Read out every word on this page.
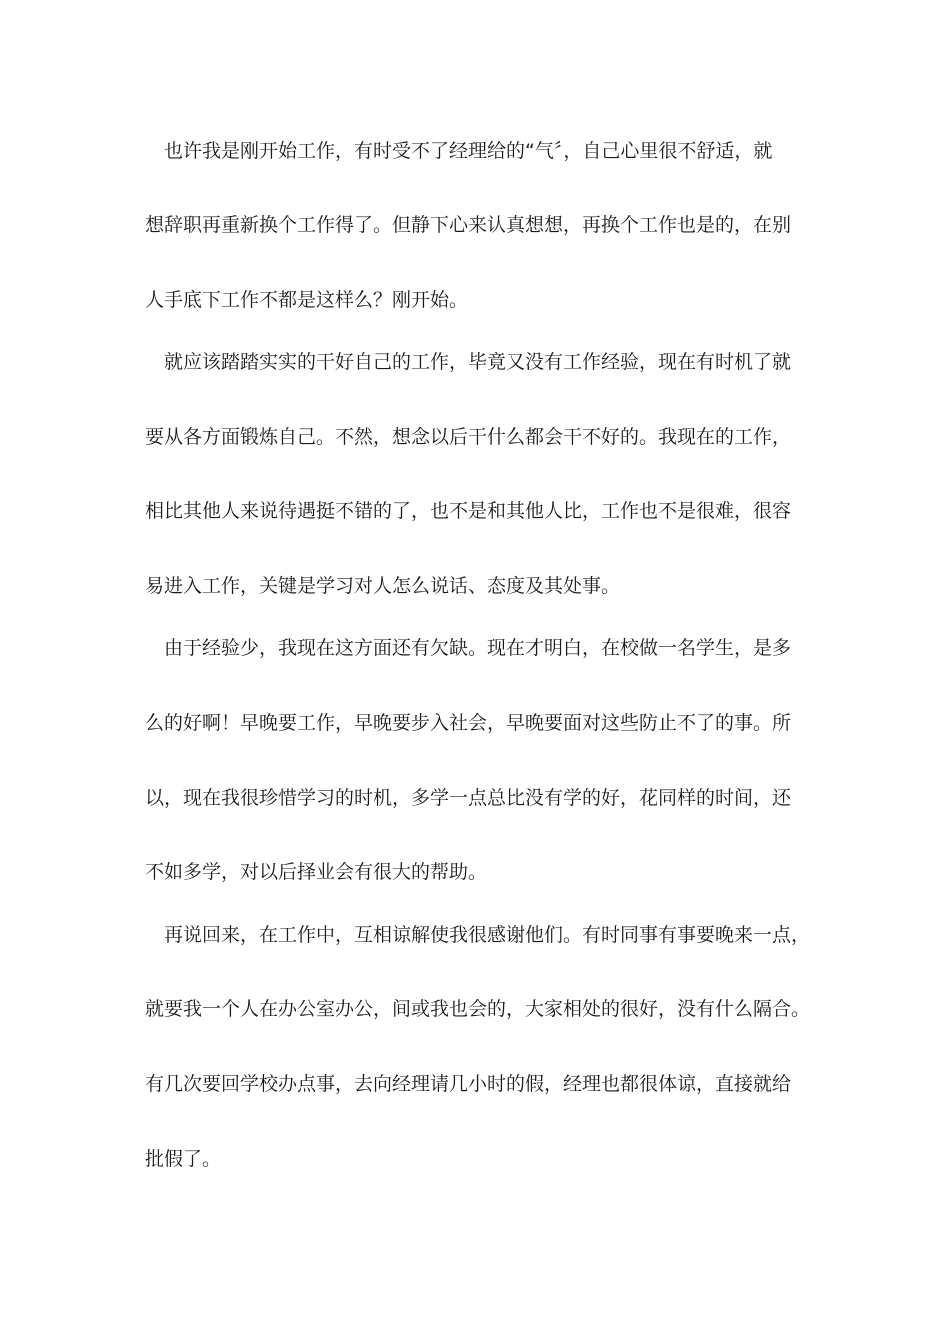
也许我是刚开始工作，有时受不了经理给的“气〞，自己心里很不舒适，就
想辞职再重新换个工作得了。但静下心来认真想想，再换个工作也是的，在别
人手底下工作不都是这样么？刚开始。
就应该踏踏实实的干好自己的工作，毕竟又没有工作经验，现在有时机了就
要从各方面锻炼自己。不然，想念以后干什么都会干不好的。我现在的工作，
相比其他人来说待遇挺不错的了，也不是和其他人比，工作也不是很难，很容
易进入工作，关键是学习对人怎么说话、态度及其处事。
由于经验少，我现在这方面还有欠缺。现在才明白，在校做一名学生，是多
么的好啊！早晚要工作，早晚要步入社会，早晚要面对这些防止不了的事。所
以，现在我很珍惜学习的时机，多学一点总比没有学的好，花同样的时间，还
不如多学，对以后择业会有很大的帮助。
再说回来，在工作中，互相谅解使我很感谢他们。有时同事有事要晚来一点，
就要我一个人在办公室办公，间或我也会的，大家相处的很好，没有什么隔合。
有几次要回学校办点事，去向经理请几小时的假，经理也都很体谅，直接就给
批假了。
